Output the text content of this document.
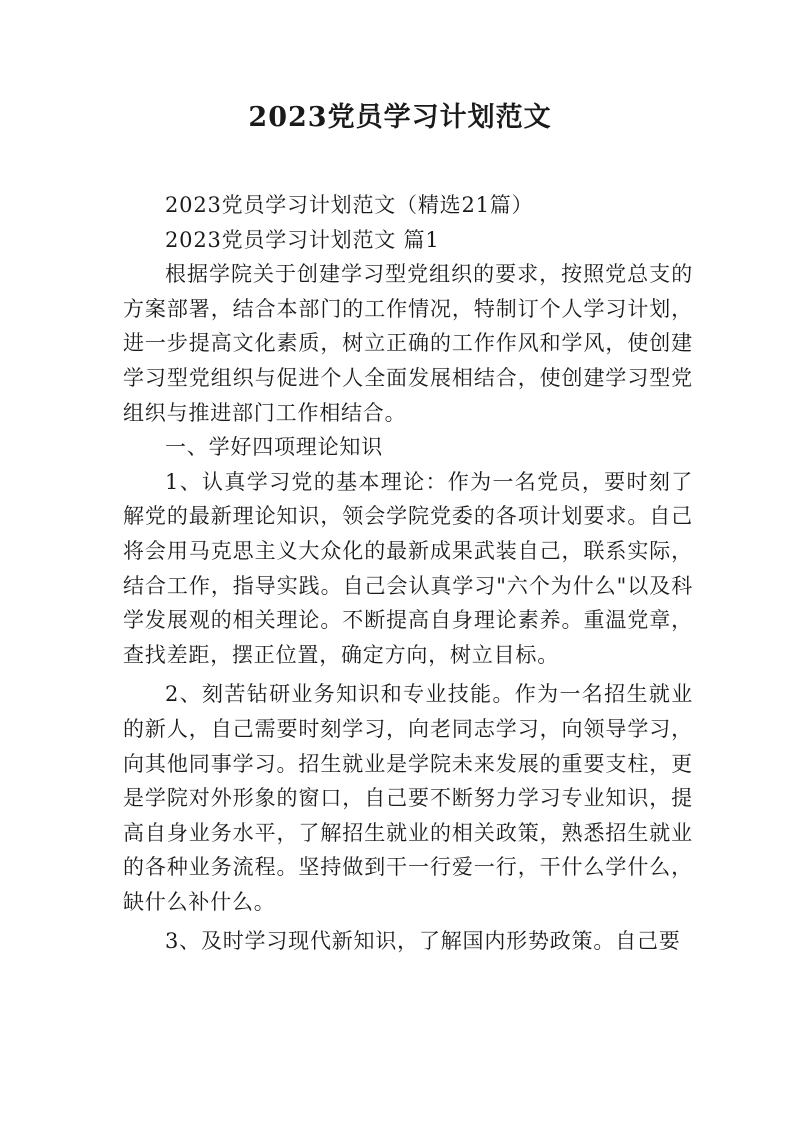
2023党员学习计划范文

2023党员学习计划范文（精选21篇）

2023党员学习计划范文 篇1

根据学院关于创建学习型党组织的要求，按照党总支的方案部署，结合本部门的工作情况，特制订个人学习计划，进一步提高文化素质，树立正确的工作作风和学风，使创建学习型党组织与促进个人全面发展相结合，使创建学习型党组织与推进部门工作相结合。

一、学好四项理论知识

1、认真学习党的基本理论：作为一名党员，要时刻了解党的最新理论知识，领会学院党委的各项计划要求。自己将会用马克思主义大众化的最新成果武装自己，联系实际，结合工作，指导实践。自己会认真学习"六个为什么"以及科学发展观的相关理论。不断提高自身理论素养。重温党章，查找差距，摆正位置，确定方向，树立目标。

2、刻苦钻研业务知识和专业技能。作为一名招生就业的新人，自己需要时刻学习，向老同志学习，向领导学习，向其他同事学习。招生就业是学院未来发展的重要支柱，更是学院对外形象的窗口，自己要不断努力学习专业知识，提高自身业务水平，了解招生就业的相关政策，熟悉招生就业的各种业务流程。坚持做到干一行爱一行，干什么学什么，缺什么补什么。

3、及时学习现代新知识，了解国内形势政策。自己要
